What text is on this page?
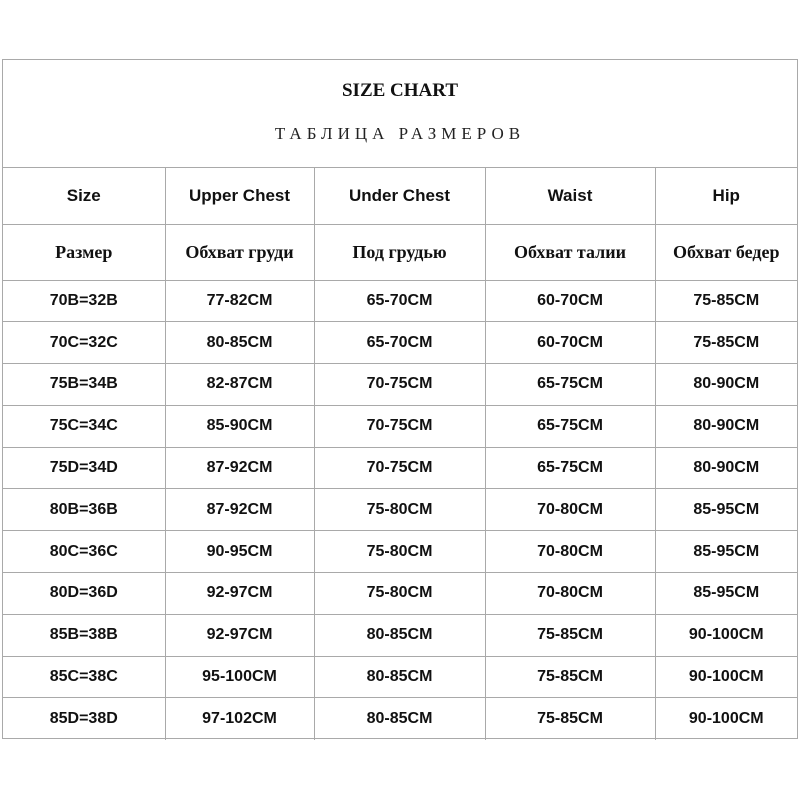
SIZE CHART
ТАБЛИЦА РАЗМЕРОВ
Size	Upper Chest	Under Chest	Waist	Hip
Размер	Обхват груди	Под грудью	Обхват талии	Обхват бедер
70B=32B	77-82CM	65-70CM	60-70CM	75-85CM
70C=32C	80-85CM	65-70CM	60-70CM	75-85CM
75B=34B	82-87CM	70-75CM	65-75CM	80-90CM
75C=34C	85-90CM	70-75CM	65-75CM	80-90CM
75D=34D	87-92CM	70-75CM	65-75CM	80-90CM
80B=36B	87-92CM	75-80CM	70-80CM	85-95CM
80C=36C	90-95CM	75-80CM	70-80CM	85-95CM
80D=36D	92-97CM	75-80CM	70-80CM	85-95CM
85B=38B	92-97CM	80-85CM	75-85CM	90-100CM
85C=38C	95-100CM	80-85CM	75-85CM	90-100CM
85D=38D	97-102CM	80-85CM	75-85CM	90-100CM
